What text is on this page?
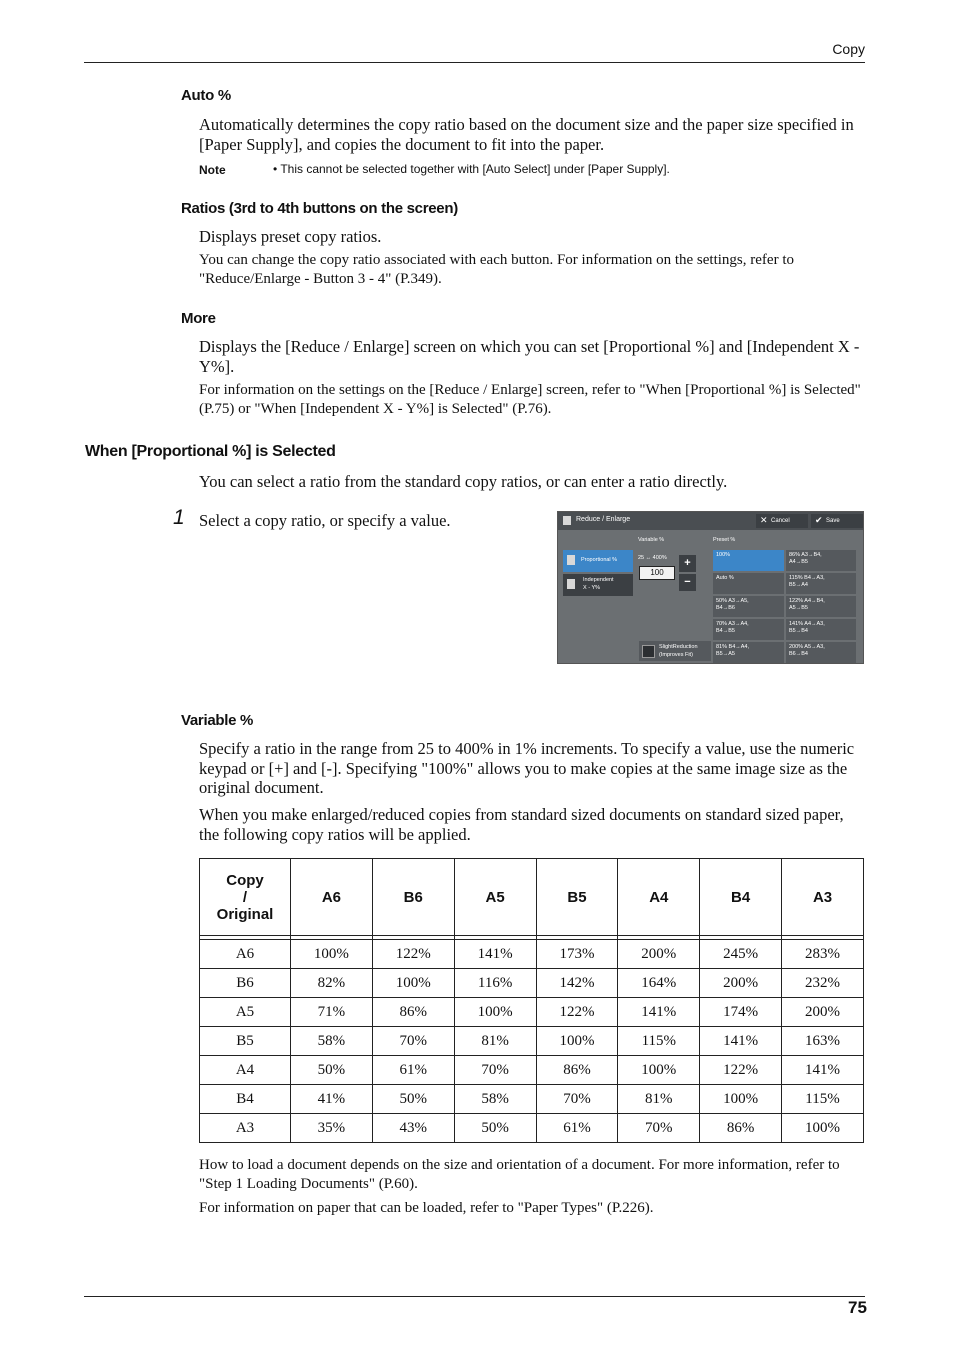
Copy
Auto %
Automatically determines the copy ratio based on the document size and the paper size specified in [Paper Supply], and copies the document to fit into the paper.
Note	• This cannot be selected together with [Auto Select] under [Paper Supply].
Ratios (3rd to 4th buttons on the screen)
Displays preset copy ratios.
You can change the copy ratio associated with each button. For information on the settings, refer to "Reduce/Enlarge - Button 3 - 4" (P.349).
More
Displays the [Reduce / Enlarge] screen on which you can set [Proportional %] and [Independent X - Y%].
For information on the settings on the [Reduce / Enlarge] screen, refer to "When [Proportional %] is Selected" (P.75) or "When [Independent X - Y%] is Selected" (P.76).
When [Proportional %] is Selected
You can select a ratio from the standard copy ratios, or can enter a ratio directly.
1 Select a copy ratio, or specify a value.	Reduce / Enlarge	✕ Cancel	✔ Save
Proportional %
Independent
X - Y%
Variable %
25 ↔ 400%
100
+
−
SlightReduction
(Improves Fit)
Preset %
100%
Auto %
50% A3→A5,
B4→B6
70% A3→A4,
B4→B5
81% B4→A4,
B5→A5
86% A3→B4,
A4→B5
115% B4→A3,
B5→A4
122% A4→B4,
A5→B5
141% A4→A3,
B5→B4
200% A5→A3,
B6→B4
Variable %
Specify a ratio in the range from 25 to 400% in 1% increments. To specify a value, use the numeric keypad or [+] and [-]. Specifying "100%" allows you to make copies at the same image size as the original document.
When you make enlarged/reduced copies from standard sized documents on standard sized paper, the following copy ratios will be applied.
Copy
/
Original	A6	B6	A5	B5	A4	B4	A3

A6	100%	122%	141%	173%	200%	245%	283%
B6	82%	100%	116%	142%	164%	200%	232%
A5	71%	86%	100%	122%	141%	174%	200%
B5	58%	70%	81%	100%	115%	141%	163%
A4	50%	61%	70%	86%	100%	122%	141%
B4	41%	50%	58%	70%	81%	100%	115%
A3	35%	43%	50%	61%	70%	86%	100%
How to load a document depends on the size and orientation of a document. For more information, refer to "Step 1 Loading Documents" (P.60).
For information on paper that can be loaded, refer to "Paper Types" (P.226).
75
